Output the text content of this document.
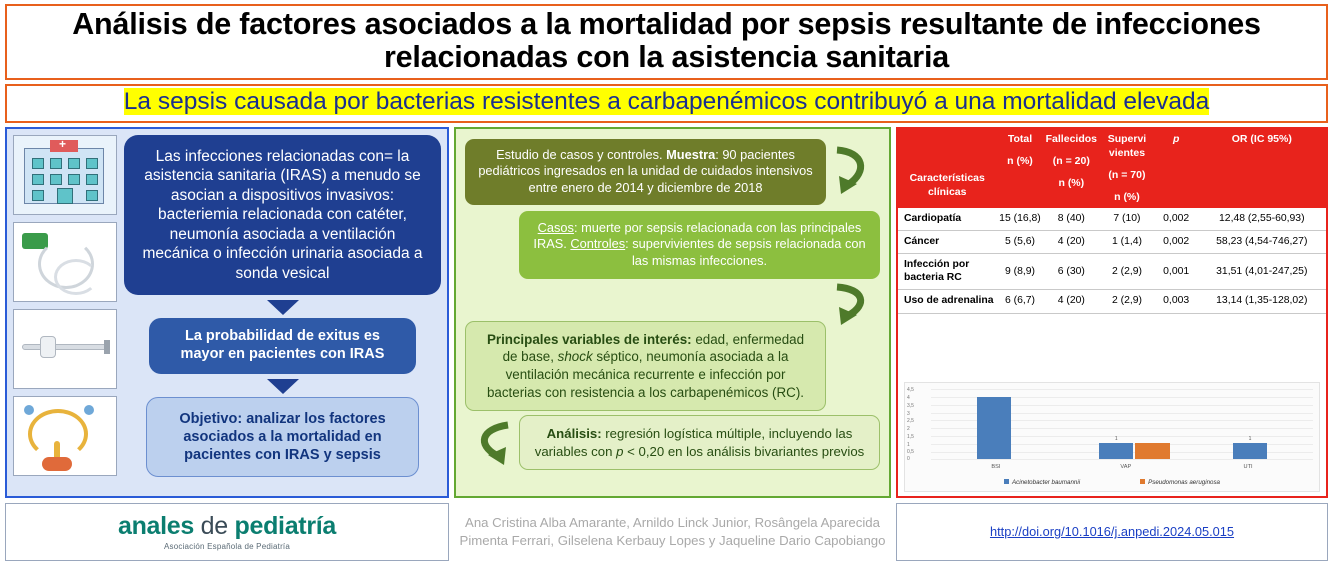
Análisis de factores asociados a la mortalidad por sepsis resultante de infecciones relacionadas con la asistencia sanitaria
La sepsis causada por bacterias resistentes a carbapenémicos contribuyó a una mortalidad elevada
+
Las infecciones relacionadas con= la asistencia sanitaria (IRAS) a menudo se asocian a dispositivos invasivos: bacteriemia relacionada con catéter, neumonía asociada a ventilación mecánica o infección urinaria asociada a sonda vesical
La probabilidad de exitus es mayor en pacientes con IRAS
Objetivo: analizar los factores asociados a la mortalidad en pacientes con IRAS y sepsis
Estudio de casos y controles. Muestra: 90 pacientes pediátricos ingresados en la unidad de cuidados intensivos entre enero de 2014 y diciembre de 2018
Casos: muerte por sepsis relacionada con las principales IRAS. Controles: supervivientes de sepsis relacionada con las mismas infecciones.
Principales variables de interés: edad, enfermedad de base, shock séptico, neumonía asociada a la ventilación mecánica recurrente e infección por bacterias con resistencia a los carbapenémicos (RC).
Análisis: regresión logística múltiple, incluyendo las variables con p < 0,20 en los análisis bivariantes previos
Características clínicas	
Total
n (%)

Fallecidos
(n = 20)
n (%)

Supervi vientes
(n = 70)
n (%)
	p	OR (IC 95%)
Cardiopatía	15 (16,8)	8 (40)	7 (10)	0,002	12,48 (2,55-60,93)
Cáncer	5 (5,6)	4 (20)	1 (1,4)	0,002	58,23 (4,54-746,27)
Infección por bacteria RC	9 (8,9)	6 (30)	2 (2,9)	0,001	31,51 (4,01-247,25)
Uso de adrenalina	6 (6,7)	4 (20)	2 (2,9)	0,003	13,14 (1,35-128,02)
1	1
BSI	VAP	UTI
4,5
4
3,5
3
2,5
2
1,5
1
0,5
0
Acinetobacter baumannii	Pseudomonas aeruginosa
anales de pediatría
Asociación Española de Pediatría
Ana Cristina Alba Amarante, Arnildo Linck Junior, Rosângela Aparecida Pimenta Ferrari, Gilselena Kerbauy Lopes y Jaqueline Dario Capobiango
http://doi.org/10.1016/j.anpedi.2024.05.015
